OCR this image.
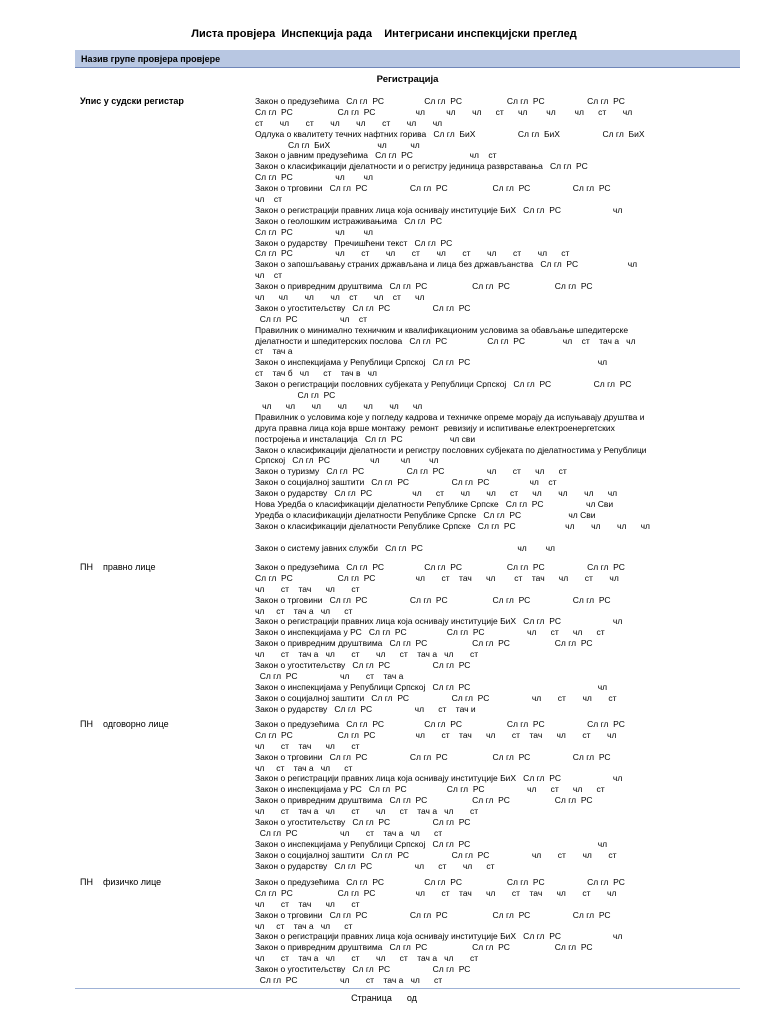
Листа провјера  Инспекција рада    Интегрисани инспекцијски преглед
Назив групе провјера провјере
Регистрација
Упис у судски регистар	Закон о предузећима   Сл гл  РС                 Сл гл  РС                   Сл гл  РС                  Сл гл  РС
Сл гл  РС                   Сл гл  РС                 чл         чл       чл      ст      чл        чл        чл      ст       чл
ст       чл       ст       чл       чл       ст       чл       чл
Одлука о квалитету течних нафтних горива   Сл гл  БиХ                  Сл гл  БиХ                  Сл гл  БиХ
Сл гл  БиХ                    чл          чл
Закон о јавним предузећима   Сл гл  РС                        чл    ст
Закон о класификацији дјелатности и о регистру јединица разврставања   Сл гл  РС
Сл гл  РС                  чл        чл
Закон о трговини   Сл гл  РС                  Сл гл  РС                   Сл гл  РС                  Сл гл  РС
чл    ст
Закон о регистрацији правних лица која оснивају институције БиХ   Сл гл  РС                      чл
Закон о геолошким истраживањима   Сл гл  РС
Сл гл  РС                  чл        чл
Закон о рударству   Пречишћени текст   Сл гл  РС
Сл гл  РС                  чл       ст       чл       ст       чл       ст       чл       ст       чл      ст
Закон о запошљавању страних држављана и лица без држављанства   Сл гл  РС                     чл
чл    ст
Закон о привредним друштвима   Сл гл  РС                   Сл гл  РС                   Сл гл  РС
чл      чл       чл       чл    ст       чл    ст      чл
Закон о угоститељству   Сл гл  РС                  Сл гл  РС
Сл гл  РС                  чл    ст
Правилник о минимално техничким и квалификационим условима за обављање шпедитерске
дјелатности и шпедитерских послова   Сл гл  РС                 Сл гл  РС                чл    ст    тач а   чл
ст    тач а
Закон о инспекцијама у Републици Српској   Сл гл  РС                                                      чл
ст    тач б   чл      ст    тач в   чл
Закон о регистрацији пословних субјеката у Републици Српској   Сл гл  РС                  Сл гл  РС
Сл гл  РС
чл      чл       чл       чл       чл       чл      чл
Правилник о условима које у погледу кадрова и техничке опреме морају да испуњавају друштва и
друга правна лица која врше монтажу  ремонт  ревизију и испитивање електроенергетских
постројења и инсталација   Сл гл  РС                    чл сви
Закон о класификацији дјелатности и регистру пословних субјеката по дјелатностима у Републици
Српској   Сл гл  РС                 чл         чл        чл
Закон о туризму   Сл гл  РС                  Сл гл  РС                  чл       ст      чл      ст
Закон о социјалној заштити   Сл гл  РС                  Сл гл  РС                 чл    ст
Закон о рударству   Сл гл  РС                 чл      ст       чл       чл      ст      чл       чл       чл      чл
Нова Уредба о класификацији дјелатности Републике Српске   Сл гл  РС                  чл Сви
Уредба о класификацији дјелатности Републике Српске   Сл гл  РС                    чл Сви
Закон о класификацији дјелатности Републике Српске   Сл гл  РС                     чл       чл       чл      чл
Закон о систему јавних служби   Сл гл  РС                                        чл        чл
ПН    правно лице	Закон о предузећима   Сл гл  РС                 Сл гл  РС                   Сл гл  РС                  Сл гл  РС
Сл гл  РС                   Сл гл  РС                 чл       ст    тач      чл        ст    тач      чл       ст       чл
чл       ст    тач      чл       ст
Закон о трговини   Сл гл  РС                  Сл гл  РС                   Сл гл  РС                  Сл гл  РС
чл     ст    тач а   чл      ст
Закон о регистрацији правних лица која оснивају институције БиХ   Сл гл  РС                      чл
Закон о инспекцијама у РС   Сл гл  РС                 Сл гл  РС                  чл      ст      чл      ст
Закон о привредним друштвима   Сл гл  РС                   Сл гл  РС                   Сл гл  РС
чл       ст    тач а   чл       ст       чл      ст    тач а   чл       ст
Закон о угоститељству   Сл гл  РС                  Сл гл  РС
Сл гл  РС                  чл       ст    тач а
Закон о инспекцијама у Републици Српској   Сл гл  РС                                                      чл
Закон о социјалној заштити   Сл гл  РС                  Сл гл  РС                  чл       ст       чл       ст
Закон о рударству   Сл гл  РС                  чл      ст    тач и
ПН    одговорно лице	Закон о предузећима   Сл гл  РС                 Сл гл  РС                   Сл гл  РС                  Сл гл  РС
Сл гл  РС                   Сл гл  РС                 чл       ст    тач      чл       ст    тач      чл       ст       чл
чл       ст    тач      чл       ст
Закон о трговини   Сл гл  РС                  Сл гл  РС                   Сл гл  РС                  Сл гл  РС
чл     ст    тач а   чл      ст
Закон о регистрацији правних лица која оснивају институције БиХ   Сл гл  РС                      чл
Закон о инспекцијама у РС   Сл гл  РС                 Сл гл  РС                  чл      ст      чл      ст
Закон о привредним друштвима   Сл гл  РС                   Сл гл  РС                   Сл гл  РС
чл       ст    тач а   чл       ст       чл      ст    тач а   чл       ст
Закон о угоститељству   Сл гл  РС                  Сл гл  РС
Сл гл  РС                  чл       ст    тач а   чл      ст
Закон о инспекцијама у Републици Српској   Сл гл  РС                                                      чл
Закон о социјалној заштити   Сл гл  РС                  Сл гл  РС                  чл       ст       чл       ст
Закон о рударству   Сл гл  РС                  чл      ст       чл      ст
ПН    физичко лице	Закон о предузећима   Сл гл  РС                 Сл гл  РС                   Сл гл  РС                  Сл гл  РС
Сл гл  РС                   Сл гл  РС                 чл       ст    тач      чл       ст    тач      чл       ст       чл
чл       ст    тач      чл       ст
Закон о трговини   Сл гл  РС                  Сл гл  РС                   Сл гл  РС                  Сл гл  РС
чл     ст    тач а   чл      ст
Закон о регистрацији правних лица која оснивају институције БиХ   Сл гл  РС                      чл
Закон о привредним друштвима   Сл гл  РС                   Сл гл  РС                   Сл гл  РС
чл       ст    тач а   чл       ст       чл      ст    тач а   чл       ст
Закон о угоститељству   Сл гл  РС                  Сл гл  РС
Сл гл  РС                  чл       ст    тач а   чл      ст
Страница      од
